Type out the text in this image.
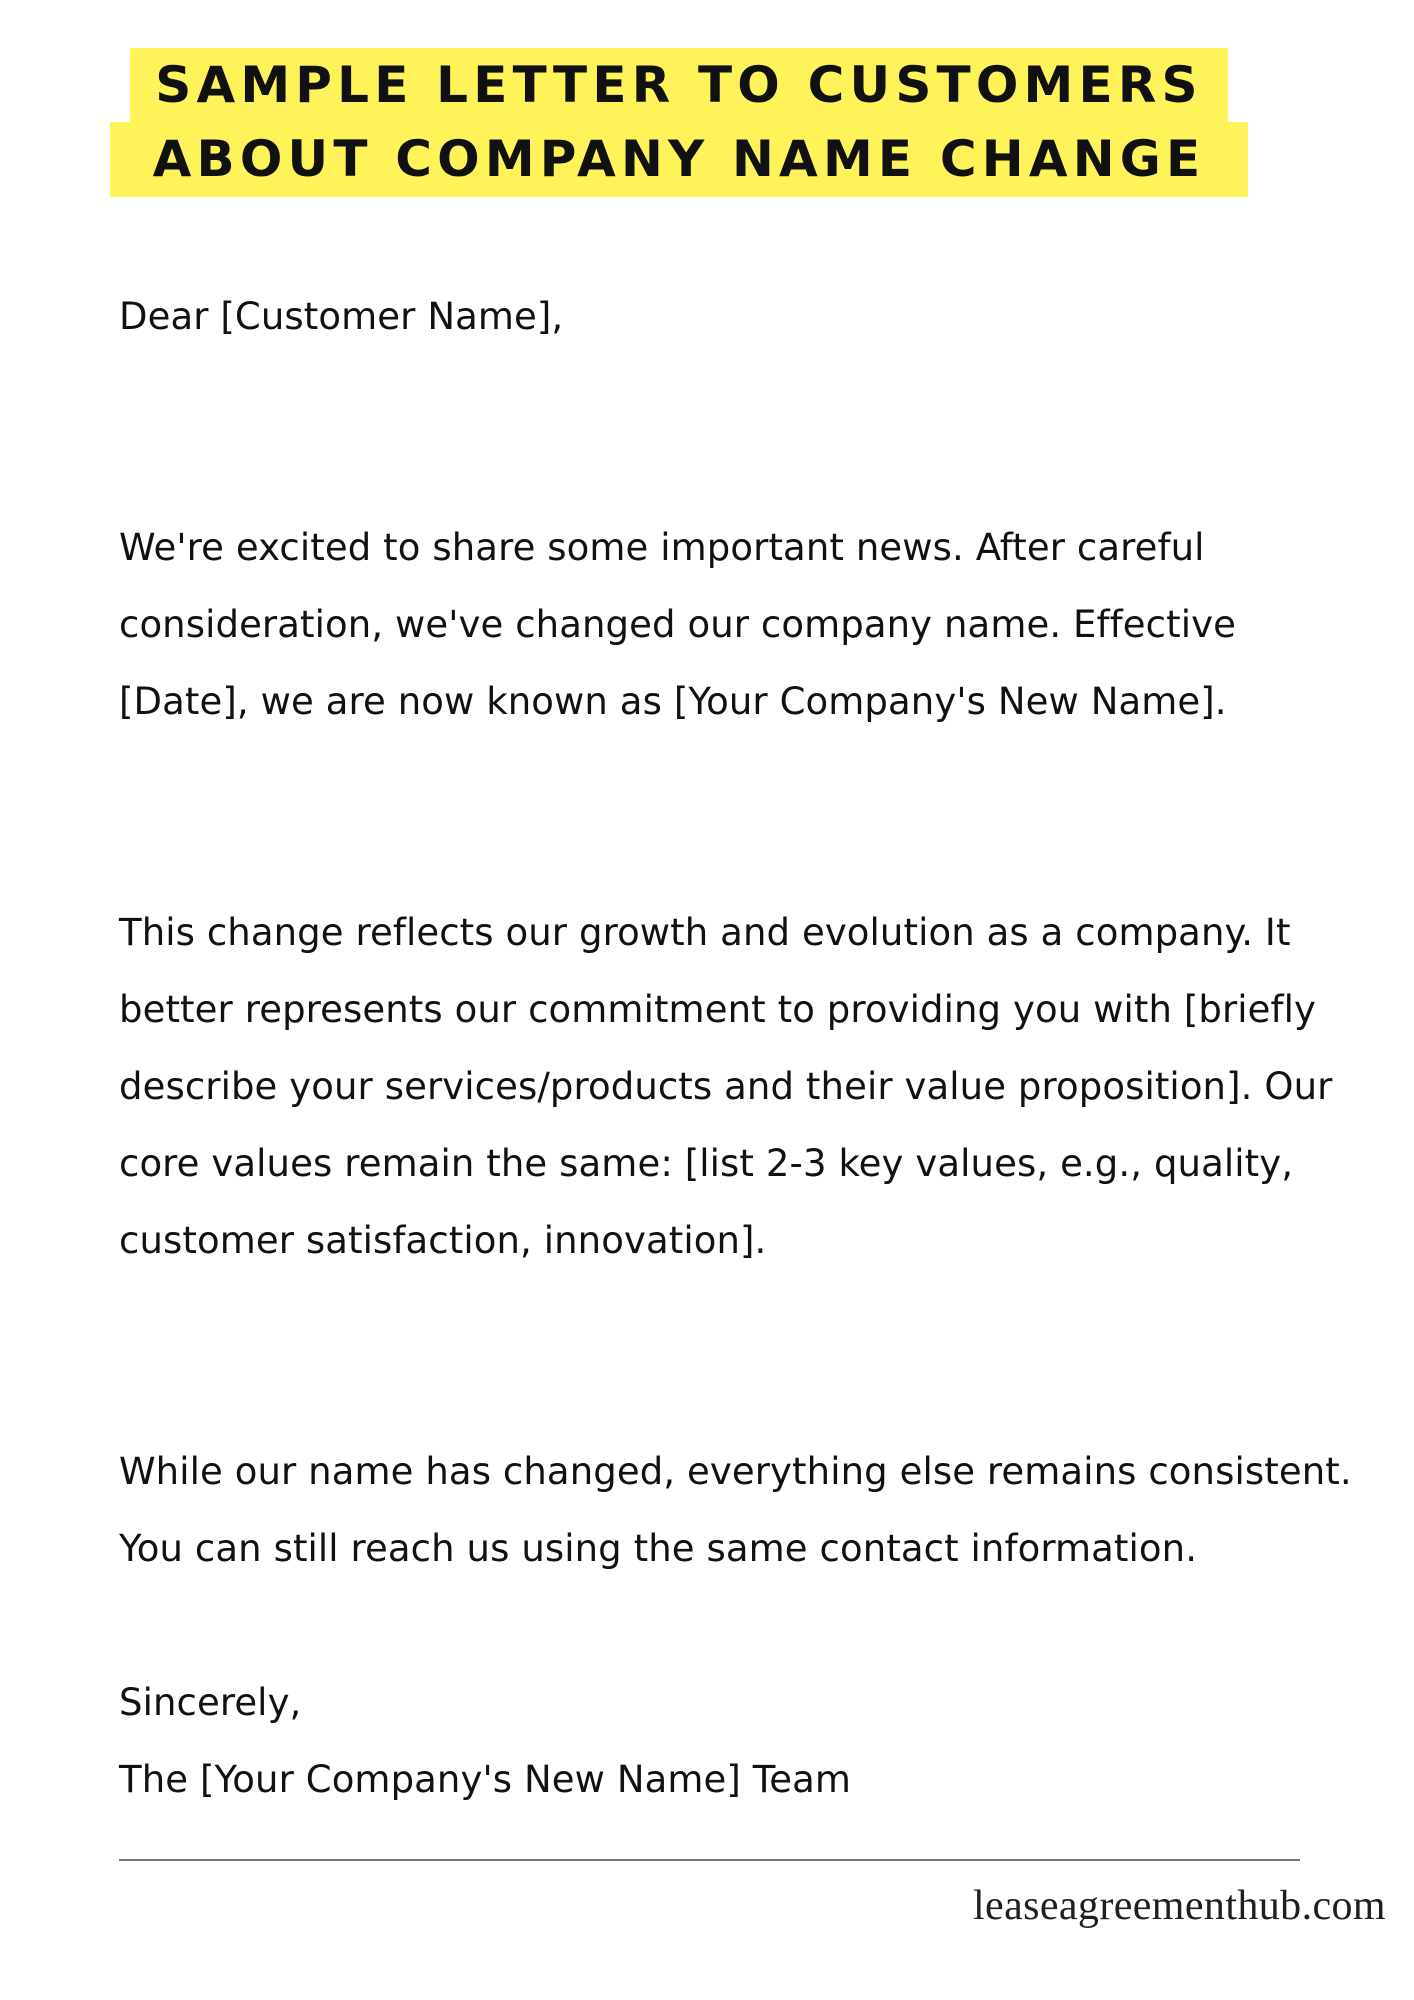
SAMPLE LETTER TO CUSTOMERS
ABOUT COMPANY NAME CHANGE

Dear [Customer Name],

We're excited to share some important news. After careful consideration, we've changed our company name. Effective [Date], we are now known as [Your Company's New Name].

This change reflects our growth and evolution as a company. It better represents our commitment to providing you with [briefly describe your services/products and their value proposition]. Our core values remain the same: [list 2-3 key values, e.g., quality, customer satisfaction, innovation].

While our name has changed, everything else remains consistent. You can still reach us using the same contact information.

Sincerely,

The [Your Company's New Name] Team

leaseagreementhub.com
